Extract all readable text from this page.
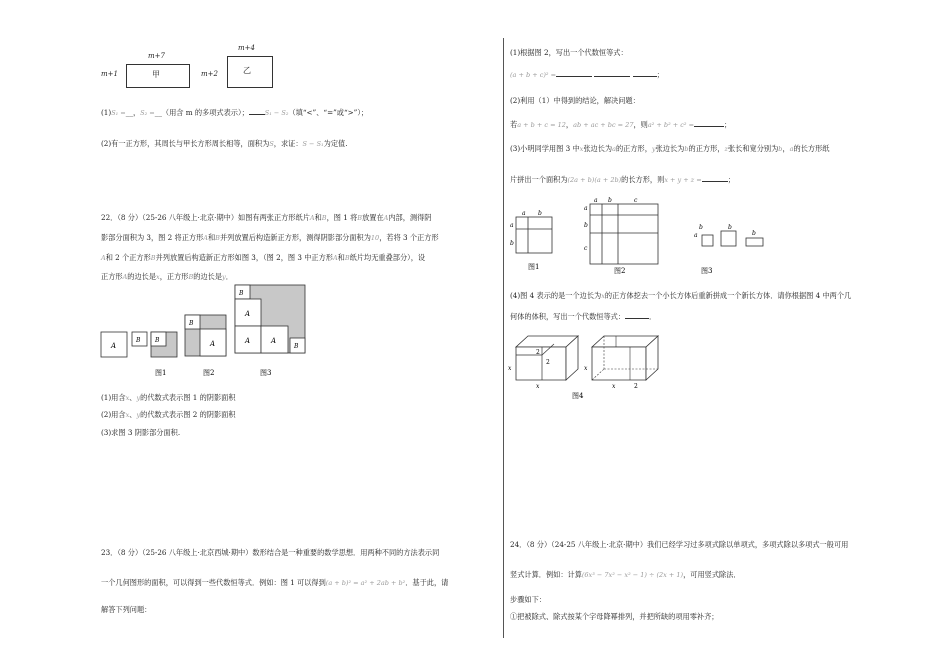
m+7
m+1	甲
m+4
m+2	乙
(1)S₁ =__，S₂ =__（用含 m 的多项式表示）； S₁ − S₂（填“<”、“=”或“>”）；
(2)有一正方形，其周长与甲长方形周长相等，面积为S，求证：S − S₁为定值.
22．（8 分）（25-26 八年级上·北京·期中）如图有两张正方形纸片A和B，图 1 将B放置在A内部，测得阴
影部分面积为 3，图 2 将正方形A和B并列放置后构造新正方形，测得阴影部分面积为10，若将 3 个正方形
A和 2 个正方形B并列放置后构造新正方形如图 3，（图 2，图 3 中正方形A和B纸片均无重叠部分），设
正方形A的边长是x，正方形B的边长是y．
A
B B
B
A
B
A
A	A
B
图1	图2	图3
(1)用含x、y的代数式表示图 1 的阴影面积
(2)用含x、y的代数式表示图 2 的阴影面积
(3)求图 3 阴影部分面积.
23．（8 分）（25-26 八年级上·北京西城·期中）数形结合是一种重要的数学思想．用两种不同的方法表示同
一个几何图形的面积，可以得到一些代数恒等式．例如：图 1 可以得到(a + b)² = a² + 2ab + b²．基于此，请
解答下列问题：
(1)根据图 2，写出一个代数恒等式：
(a + b + c)² =	；
(2)利用（1）中得到的结论，解决问题：
若a + b + c = 12，ab + ac + bc = 27，则a² + b² + c² =	；
(3)小明同学用图 3 中x张边长为a的正方形，y张边长为b的正方形，z张长和宽分别为b，a的长方形纸
片拼出一个面积为(2a + b)(a + 2b)的长方形，则x + y + z =	；
a b
a
b
图1
a b	c
a
b
c
图2
a
b	b
b
图3
(4)图 4 表示的是一个边长为x的正方体挖去一个小长方体后重新拼成一个新长方体．请你根据图 4 中两个几
何体的体积，写出一个代数恒等式：	．
x
x
2
2
x
x	2
图4
24．（8 分）（24-25 八年级上·北京·期中）我们已经学习过多项式除以单项式，多项式除以多项式一般可用
竖式计算．例如：计算(6x³ − 7x² − x² − 1) ÷ (2x + 1)，可用竖式除法．
步骤如下：
①把被除式、除式按某个字母降幂排列，并把所缺的项用零补齐；
